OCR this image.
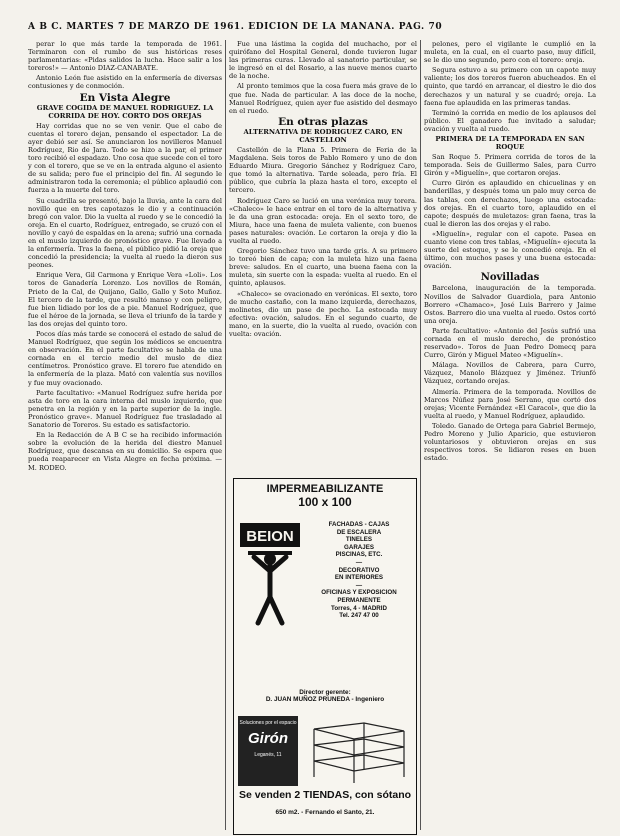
A B C. MARTES 7 DE MARZO DE 1961. EDICION DE LA MAÑANA. PAG. 70

perar lo que más tarde la temporada de 1961. Terminaron con el rumbo de sus históricas reses parlamentarias: «Pidas salidos la lucha. Hace salir a los toreros!» — Antonio DIAZ-CANABATE.

Antonio León fue asistido en la enfermería de diversas contusiones y de conmoción.

En Vista Alegre
GRAVE COGIDA DE MANUEL RODRIGUEZ. LA CORRIDA DE HOY. CORTO DOS OREJAS

Hay corridas que no se ven venir. Que el cabo de cuentas el torero dejan, pensando el espectador. La de ayer debió ser así. Se anunciaron los novilleros Manuel Rodríguez, Rio de Jara. Todo se hizo a la par, el primer toro recibió el espadazo. Uno cosa que sucede con el toro y con el torero, que se ve en la entrada alguno el asiento de su salida; pero fue el principio del fin. Al segundo le administraron toda la ceremonia; el público aplaudió con fuerza a la muerte del toro.

Su cuadrilla se presentó, bajo la lluvia, ante la cara del novillo que en tres capotazos le dio y a continuación bregó con valor. Dio la vuelta al ruedo y se le concedió la oreja. En el cuarto, Rodríguez, entregado, se cruzó con el novillo y cayó de espaldas en la arena; sufrió una cornada en el muslo izquierdo de pronóstico grave. Fue llevado a la enfermería. Tras la faena, el público pidió la oreja que concedió la presidencia; la vuelta al ruedo la dieron sus peones.

Enrique Vera, Gil Carmona y Enrique Vera «Loli». Los toros de Ganadería Lorenzo. Los novillos de Román, Prieto de la Cal, de Quijano, Gallo, Gallo y Soto Muñoz. El tercero de la tarde, que resultó manso y con peligro, fue bien lidiado por los de a pie. Manuel Rodríguez, que fue el héroe de la jornada, se lleva el triunfo de la tarde y las dos orejas del quinto toro.

Pocos días más tarde se conocerá el estado de salud de Manuel Rodríguez, que según los médicos se encuentra en observación. En el parte facultativo se habla de una cornada en el tercio medio del muslo de diez centímetros. Pronóstico grave. El torero fue atendido en la enfermería de la plaza. Mató con valentía sus novillos y fue muy ovacionado.

Parte facultativo: «Manuel Rodríguez sufre herida por asta de toro en la cara interna del muslo izquierdo, que penetra en la región y en la parte superior de la ingle. Pronóstico grave». Manuel Rodríguez fue trasladado al Sanatorio de Toreros. Su estado es satisfactorio.

En la Redacción de A B C se ha recibido información sobre la evolución de la herida del diestro Manuel Rodríguez, que descansa en su domicilio. Se espera que pueda reaparecer en Vista Alegre en fecha próxima. — M. RODEO.

Fue una lástima la cogida del muchacho, por el quirófano del Hospital General, donde tuvieron lugar las primeras curas. Llevado al sanatorio particular, se le ingresó en el del Rosario, a las nueve menos cuarto de la noche.

Al pronto temimos que la cosa fuera más grave de lo que fue. Nada de particular. A las doce de la noche, Manuel Rodríguez, quien ayer fue asistido del desmayo en el ruedo.

En otras plazas
ALTERNATIVA DE RODRIGUEZ CARO, EN CASTELLON

Castellón de la Plana 5. Primera de Feria de la Magdalena. Seis toros de Pablo Romero y uno de don Eduardo Miura. Gregorio Sánchez y Rodríguez Caro, que tomó la alternativa. Tarde soleada, pero fría. El público, que cubría la plaza hasta el toro, excepto el tercero.

Rodríguez Caro se lució en una verónica muy torera. «Chaleco» le hace entrar en el toro de la alternativa y le da una gran estocada: oreja. En el sexto toro, de Miura, hace una faena de muleta valiente, con buenos pases naturales: ovación. Le cortaron la oreja y dio la vuelta al ruedo.

Gregorio Sánchez tuvo una tarde gris. A su primero lo toreó bien de capa; con la muleta hizo una faena breve: saludos. En el cuarto, una buena faena con la muleta, sin suerte con la espada: vuelta al ruedo. En el quinto, aplausos.

«Chaleco» se ovacionado en verónicas. El sexto, toro de mucho castaño, con la mano izquierda, derechazos, molinetes, dio un pase de pecho. La estocada muy efectiva: ovación, saludos. En el segundo cuarto, de mano, en la suerte, dio la vuelta al ruedo, ovación con vuelta: ovación.

IMPERMEABILIZANTE
100 x 100
BEION
FACHADAS - CAJAS
DE ESCALERA
TINELES
GARAJES
PISCINAS, ETC.
—
DECORATIVO
EN INTERIORES
—
OFICINAS Y EXPOSICION
PERMANENTE
Torres, 4 - MADRID
Tel. 247 47 00
Director gerente:
D. JUAN MUÑOZ PRUNEDA - Ingeniero
Soluciones por el espacio
Girón
Leganés, 11
Se venden 2 TIENDAS, con sótano
650 m2. - Fernando el Santo, 21.

pelones, pero el vigilante le cumplió en la muleta, en la cual, en el cuarto paso, muy difícil, se le dio uno segundo, pero con el torero: oreja.

Segura estuvo a su primero con un capote muy valiente; los dos toreros fueron abucheados. En el quinto, que tardó en arrancar, el diestro le dio dos derechazos y un natural y se cuadró; oreja. La faena fue aplaudida en las primeras tandas.

Terminó la corrida en medio de los aplausos del público. El ganadero fue invitado a saludar; ovación y vuelta al ruedo.

PRIMERA DE LA TEMPORADA EN SAN ROQUE

San Roque 5. Primera corrida de toros de la temporada. Seis de Guillermo Sales, para Curro Girón y «Miguelín», que cortaron orejas.

Curro Girón es aplaudido en chicuelinas y en banderillas, y después toma un palo muy cerca de las tablas, con derechazos, luego una estocada: dos orejas. En el cuarto toro, aplaudido en el capote; después de muletazos: gran faena, tras la cual le dieron las dos orejas y el rabo.

«Miguelín», regular con el capote. Pasea en cuanto viene con tres tablas, «Miguelín» ejecuta la suerte del estoque, y se le concedió oreja. En el último, con muchos pases y una buena estocada: ovación.

Novilladas

Barcelona, inauguración de la temporada. Novillos de Salvador Guardiola, para Antonio Borrero «Chamaco», José Luis Barrero y Jaime Ostos. Barrero dio una vuelta al ruedo. Ostos cortó una oreja.

Parte facultativo: «Antonio del Jesús sufrió una cornada en el muslo derecho, de pronóstico reservado». Toros de Juan Pedro Domecq para Curro, Girón y Miguel Mateo «Miguelín».

Málaga. Novillos de Cabrera, para Curro, Vázquez, Manolo Blázquez y Jiménez. Triunfó Vázquez, cortando orejas.

Almería. Primera de la temporada. Novillos de Marcos Núñez para José Serrano, que cortó dos orejas; Vicente Fernández «El Caracol», que dio la vuelta al ruedo, y Manuel Rodríguez, aplaudido.

Toledo. Ganado de Ortega para Gabriel Bermejo, Pedro Moreno y Julio Aparicio, que estuvieron voluntariosos y obtuvieron orejas en sus respectivos toros. Se lidiaron reses en buen estado.
